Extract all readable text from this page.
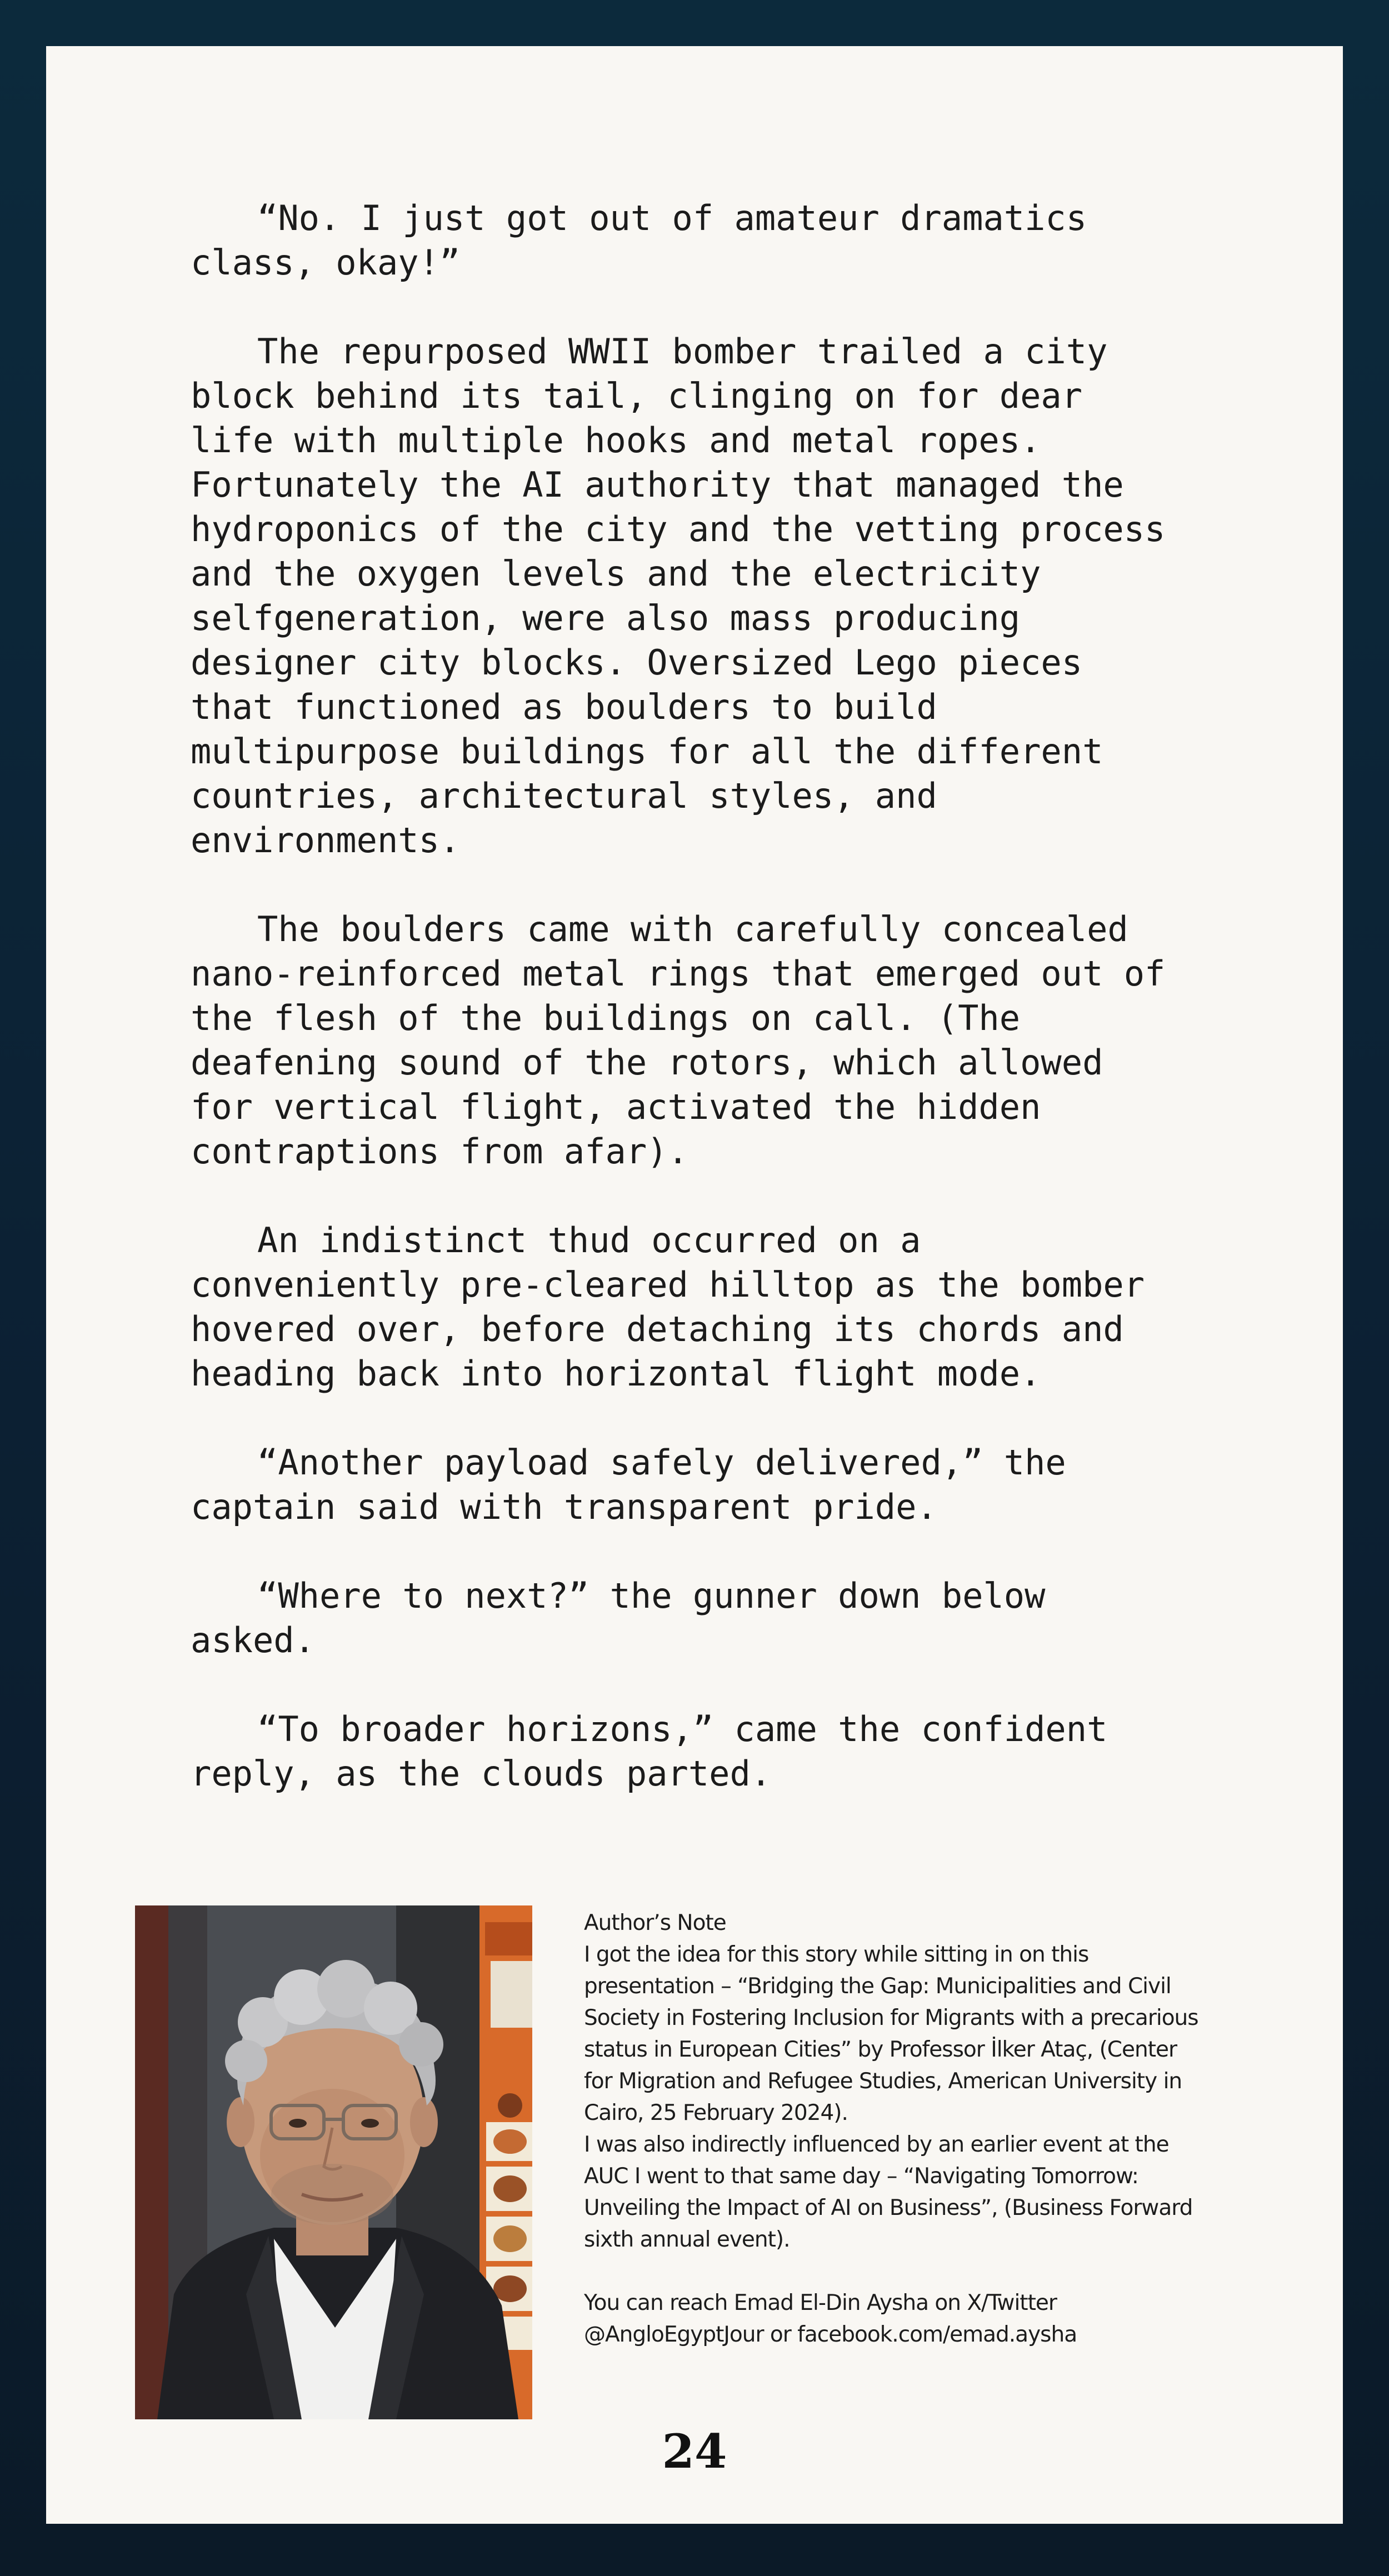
“No. I just got out of amateur dramatics
class, okay!”

The repurposed WWII bomber trailed a city
block behind its tail, clinging on for dear
life with multiple hooks and metal ropes.
Fortunately the AI authority that managed the
hydroponics of the city and the vetting process
and the oxygen levels and the electricity
selfgeneration, were also mass producing
designer city blocks. Oversized Lego pieces
that functioned as boulders to build
multipurpose buildings for all the different
countries, architectural styles, and
environments.

The boulders came with carefully concealed
nano-reinforced metal rings that emerged out of
the flesh of the buildings on call. (The
deafening sound of the rotors, which allowed
for vertical flight, activated the hidden
contraptions from afar).

An indistinct thud occurred on a
conveniently pre-cleared hilltop as the bomber
hovered over, before detaching its chords and
heading back into horizontal flight mode.

“Another payload safely delivered,” the
captain said with transparent pride.

“Where to next?” the gunner down below
asked.

“To broader horizons,” came the confident
reply, as the clouds parted.

Author’s Note
I got the idea for this story while sitting in on this
presentation – “Bridging the Gap: Municipalities and Civil
Society in Fostering Inclusion for Migrants with a precarious
status in European Cities” by Professor İlker Ataç, (Center
for Migration and Refugee Studies, American University in
Cairo, 25 February 2024).
I was also indirectly influenced by an earlier event at the
AUC I went to that same day – “Navigating Tomorrow:
Unveiling the Impact of AI on Business”, (Business Forward
sixth annual event).
You can reach Emad El-Din Aysha on X/Twitter
@AngloEgyptJour or facebook.com/emad.aysha
24
